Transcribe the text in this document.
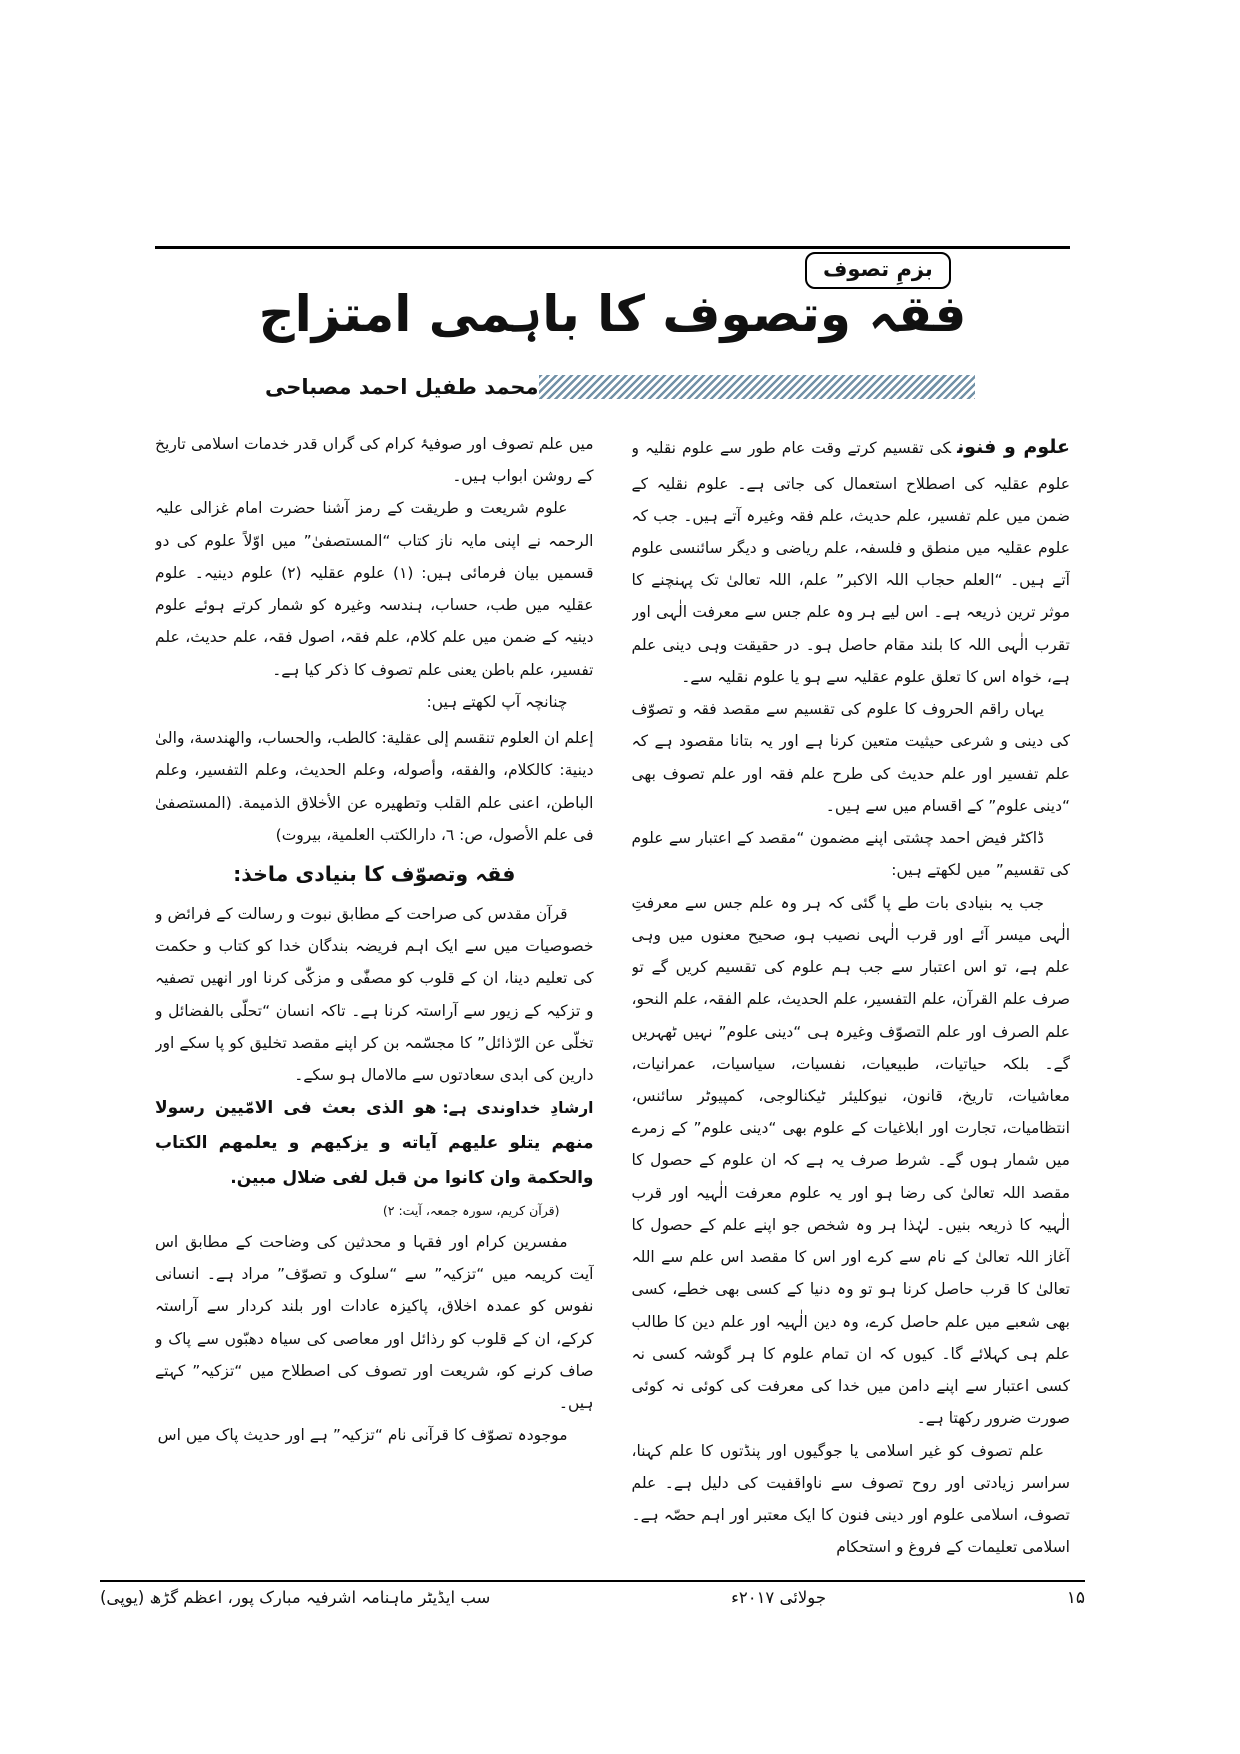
بزمِ تصوف
فقہ وتصوف کا باہمی امتزاج
محمد طفیل احمد مصباحی

علوم و فنونکی تقسیم کرتے وقت عام طور سے علوم نقلیہ و علوم عقلیہ کی اصطلاح استعمال کی جاتی ہے۔ علوم نقلیہ کے ضمن میں علم تفسیر، علم حدیث، علم فقہ وغیرہ آتے ہیں۔ جب کہ علوم عقلیہ میں منطق و فلسفہ، علم ریاضی و دیگر سائنسی علوم آتے ہیں۔ “العلم حجاب اللہ الاکبر” علم، اللہ تعالیٰ تک پہنچنے کا موثر ترین ذریعہ ہے۔ اس لیے ہر وہ علم جس سے معرفت الٰہی اور تقرب الٰہی اللہ کا بلند مقام حاصل ہو۔ در حقیقت وہی دینی علم ہے، خواہ اس کا تعلق علوم عقلیہ سے ہو یا علوم نقلیہ سے۔

یہاں راقم الحروف کا علوم کی تقسیم سے مقصد فقہ و تصوّف کی دینی و شرعی حیثیت متعین کرنا ہے اور یہ بتانا مقصود ہے کہ علم تفسیر اور علم حدیث کی طرح علم فقہ اور علم تصوف بھی “دینی علوم” کے اقسام میں سے ہیں۔

ڈاکٹر فیض احمد چشتی اپنے مضمون “مقصد کے اعتبار سے علوم کی تقسیم” میں لکھتے ہیں:

جب یہ بنیادی بات طے پا گئی کہ ہر وہ علم جس سے معرفتِ الٰہی میسر آئے اور قرب الٰہی نصیب ہو، صحیح معنوں میں وہی علم ہے، تو اس اعتبار سے جب ہم علوم کی تقسیم کریں گے تو صرف علم القرآن، علم التفسیر، علم الحدیث، علم الفقہ، علم النحو، علم الصرف اور علم التصوّف وغیرہ ہی “دینی علوم” نہیں ٹھہریں گے۔ بلکہ حیاتیات، طبیعیات، نفسیات، سیاسیات، عمرانیات، معاشیات، تاریخ، قانون، نیوکلیئر ٹیکنالوجی، کمپیوٹر سائنس، انتظامیات، تجارت اور ابلاغیات کے علوم بھی “دینی علوم” کے زمرے میں شمار ہوں گے۔ شرط صرف یہ ہے کہ ان علوم کے حصول کا مقصد اللہ تعالیٰ کی رضا ہو اور یہ علوم معرفت الٰہیہ اور قرب الٰہیہ کا ذریعہ بنیں۔ لہٰذا ہر وہ شخص جو اپنے علم کے حصول کا آغاز اللہ تعالیٰ کے نام سے کرے اور اس کا مقصد اس علم سے اللہ تعالیٰ کا قرب حاصل کرنا ہو تو وہ دنیا کے کسی بھی خطے، کسی بھی شعبے میں علم حاصل کرے، وہ دین الٰہیہ اور علم دین کا طالب علم ہی کہلائے گا۔ کیوں کہ ان تمام علوم کا ہر گوشہ کسی نہ کسی اعتبار سے اپنے دامن میں خدا کی معرفت کی کوئی نہ کوئی صورت ضرور رکھتا ہے۔

علم تصوف کو غیر اسلامی یا جوگیوں اور پنڈتوں کا علم کہنا، سراسر زیادتی اور روح تصوف سے ناواقفیت کی دلیل ہے۔ علم تصوف، اسلامی علوم اور دینی فنون کا ایک معتبر اور اہم حصّہ ہے۔ اسلامی تعلیمات کے فروغ و استحکام

میں علم تصوف اور صوفیۂ کرام کی گراں قدر خدمات اسلامی تاریخ کے روشن ابواب ہیں۔

علوم شریعت و طریقت کے رمز آشنا حضرت امام غزالی علیہ الرحمہ نے اپنی مایہ ناز کتاب “المستصفیٰ” میں اوّلاً علوم کی دو قسمیں بیان فرمائی ہیں: (۱) علوم عقلیہ (۲) علوم دینیہ۔ علوم عقلیہ میں طب، حساب، ہندسہ وغیرہ کو شمار کرتے ہوئے علوم دینیہ کے ضمن میں علم کلام، علم فقہ، اصول فقہ، علم حدیث، علم تفسیر، علم باطن یعنی علم تصوف کا ذکر کیا ہے۔

چنانچہ آپ لکھتے ہیں:

إعلم ان العلوم تنقسم إلى عقلية: كالطب، والحساب، والهندسة، والىٰ دينية: كالكلام، والفقه، وأصوله، وعلم الحديث، وعلم التفسير، وعلم الباطن، اعنى علم القلب وتطهيره عن الأخلاق الذميمة. (المستصفىٰ فى علم الأصول، ص: ٦، دارالكتب العلمية، بيروت)

فقہ وتصوّف کا بنیادی ماخذ:

قرآن مقدس کی صراحت کے مطابق نبوت و رسالت کے فرائض و خصوصیات میں سے ایک اہم فریضہ بندگان خدا کو کتاب و حکمت کی تعلیم دینا، ان کے قلوب کو مصفّٰی و مزکّٰی کرنا اور انھیں تصفیہ و تزکیہ کے زیور سے آراستہ کرنا ہے۔ تاکہ انسان “تحلّی بالفضائل و تخلّی عن الرّذائل” کا مجسّمہ بن کر اپنے مقصد تخلیق کو پا سکے اور دارین کی ابدی سعادتوں سے مالامال ہو سکے۔

ارشادِ خداوندی ہے:هو الذى بعث فى الامّيين رسولا منهم يتلو عليهم آياته و يزكيهم و يعلمهم الكتاب والحكمة وان كانوا من قبل لفى ضلال مبين.

(قرآن کریم، سورہ جمعہ، آیت: ۲)

مفسرین کرام اور فقہا و محدثین کی وضاحت کے مطابق اس آیت کریمہ میں “تزکیہ” سے “سلوک و تصوّف” مراد ہے۔ انسانی نفوس کو عمدہ اخلاق، پاکیزہ عادات اور بلند کردار سے آراستہ کرکے، ان کے قلوب کو رذائل اور معاصی کی سیاہ دھبّوں سے پاک و صاف کرنے کو، شریعت اور تصوف کی اصطلاح میں “تزکیہ” کہتے ہیں۔

موجودہ تصوّف کا قرآنی نام “تزکیہ” ہے اور حدیث پاک میں اس

سب ایڈیٹر ماہنامہ اشرفیہ مبارک پور، اعظم گڑھ (یوپی)	جولائی ۲۰۱۷ء	۱۵
